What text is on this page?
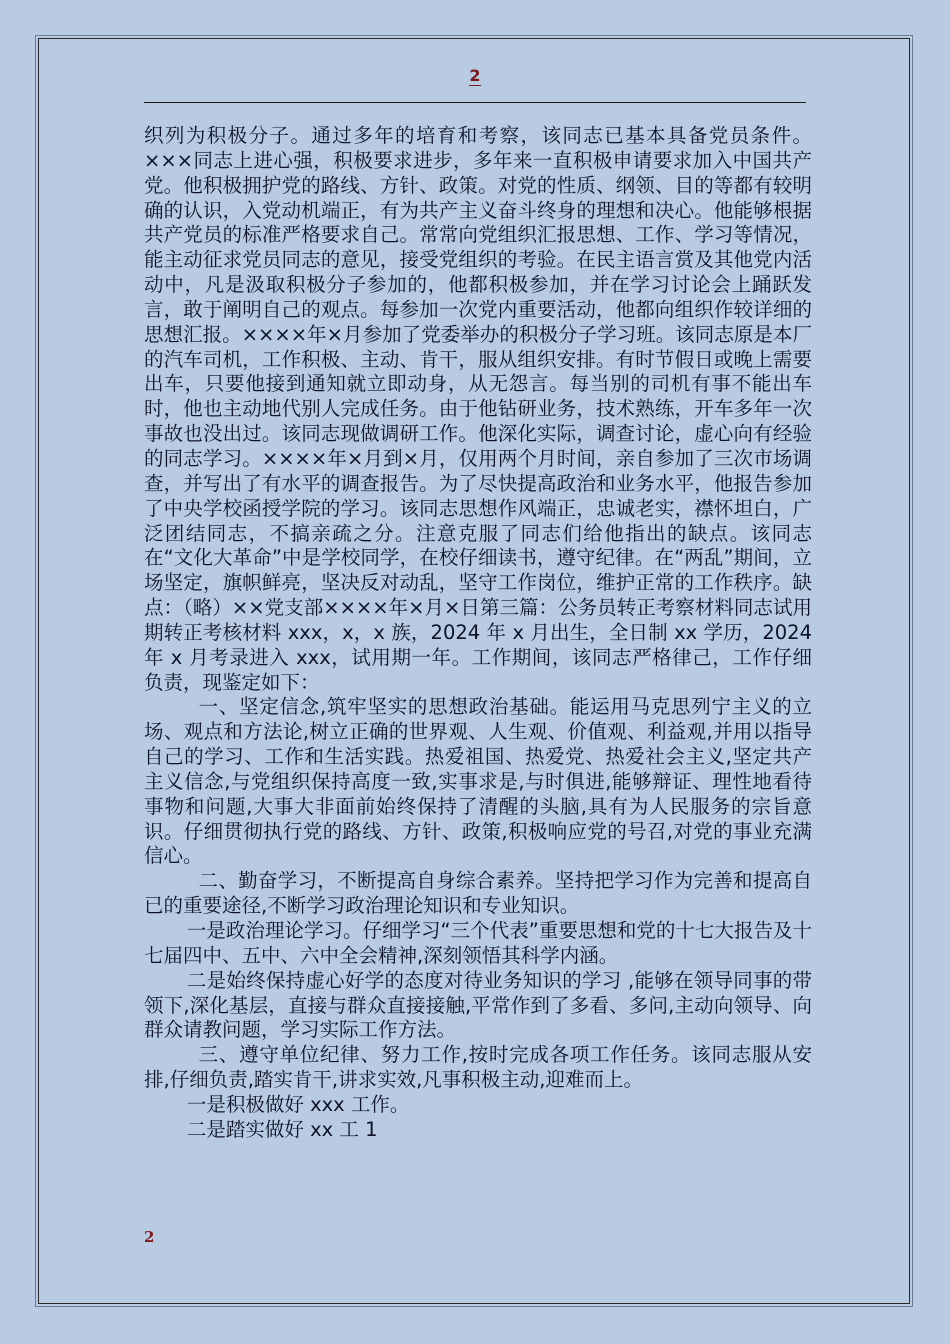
2

织列为积极分子。通过多年的培育和考察，该同志已基本具备党员条件。×××同志上进心强，积极要求进步，多年来一直积极申请要求加入中国共产党。他积极拥护党的路线、方针、政策。对党的性质、纲领、目的等都有较明确的认识，入党动机端正，有为共产主义奋斗终身的理想和决心。他能够根据共产党员的标准严格要求自己。常常向党组织汇报思想、工作、学习等情况，能主动征求党员同志的意见，接受党组织的考验。在民主语言赏及其他党内活动中，凡是汲取积极分子参加的，他都积极参加，并在学习讨论会上踊跃发言，敢于阐明自己的观点。每参加一次党内重要活动，他都向组织作较详细的思想汇报。××××年×月参加了党委举办的积极分子学习班。该同志原是本厂的汽车司机，工作积极、主动、肯干，服从组织安排。有时节假日或晚上需要出车，只要他接到通知就立即动身，从无怨言。每当别的司机有事不能出车时，他也主动地代别人完成任务。由于他钻研业务，技术熟练，开车多年一次事故也没出过。该同志现做调研工作。他深化实际，调查讨论，虚心向有经验的同志学习。××××年×月到×月，仅用两个月时间，亲自参加了三次市场调查，并写出了有水平的调查报告。为了尽快提高政治和业务水平，他报告参加了中央学校函授学院的学习。该同志思想作风端正，忠诚老实，襟怀坦白，广泛团结同志，不搞亲疏之分。注意克服了同志们给他指出的缺点。该同志在“文化大革命”中是学校同学，在校仔细读书，遵守纪律。在“两乱”期间，立场坚定，旗帜鲜亮，坚决反对动乱，坚守工作岗位，维护正常的工作秩序。缺点：（略）××党支部××××年×月×日第三篇：公务员转正考察材料同志试用期转正考核材料 xxx，x，x 族，2024 年 x 月出生，全日制 xx 学历，2024 年 x 月考录进入 xxx，试用期一年。工作期间，该同志严格律己，工作仔细负责，现鉴定如下：

一、坚定信念,筑牢坚实的思想政治基础。能运用马克思列宁主义的立场、观点和方法论,树立正确的世界观、人生观、价值观、利益观,并用以指导自己的学习、工作和生活实践。热爱祖国、热爱党、热爱社会主义,坚定共产主义信念,与党组织保持高度一致,实事求是,与时俱进,能够辩证、理性地看待事物和问题,大事大非面前始终保持了清醒的头脑,具有为人民服务的宗旨意识。仔细贯彻执行党的路线、方针、政策,积极响应党的号召,对党的事业充满信心。

二、勤奋学习，不断提高自身综合素养。坚持把学习作为完善和提高自已的重要途径,不断学习政治理论知识和专业知识。

一是政治理论学习。仔细学习“三个代表”重要思想和党的十七大报告及十七届四中、五中、六中全会精神,深刻领悟其科学内涵。

二是始终保持虚心好学的态度对待业务知识的学习 ,能够在领导同事的带领下,深化基层，直接与群众直接接触,平常作到了多看、多问,主动向领导、向群众请教问题，学习实际工作方法。

三、遵守单位纪律、努力工作,按时完成各项工作任务。该同志服从安排,仔细负责,踏实肯干,讲求实效,凡事积极主动,迎难而上。

一是积极做好 xxx 工作。

二是踏实做好 xx 工 1

2
